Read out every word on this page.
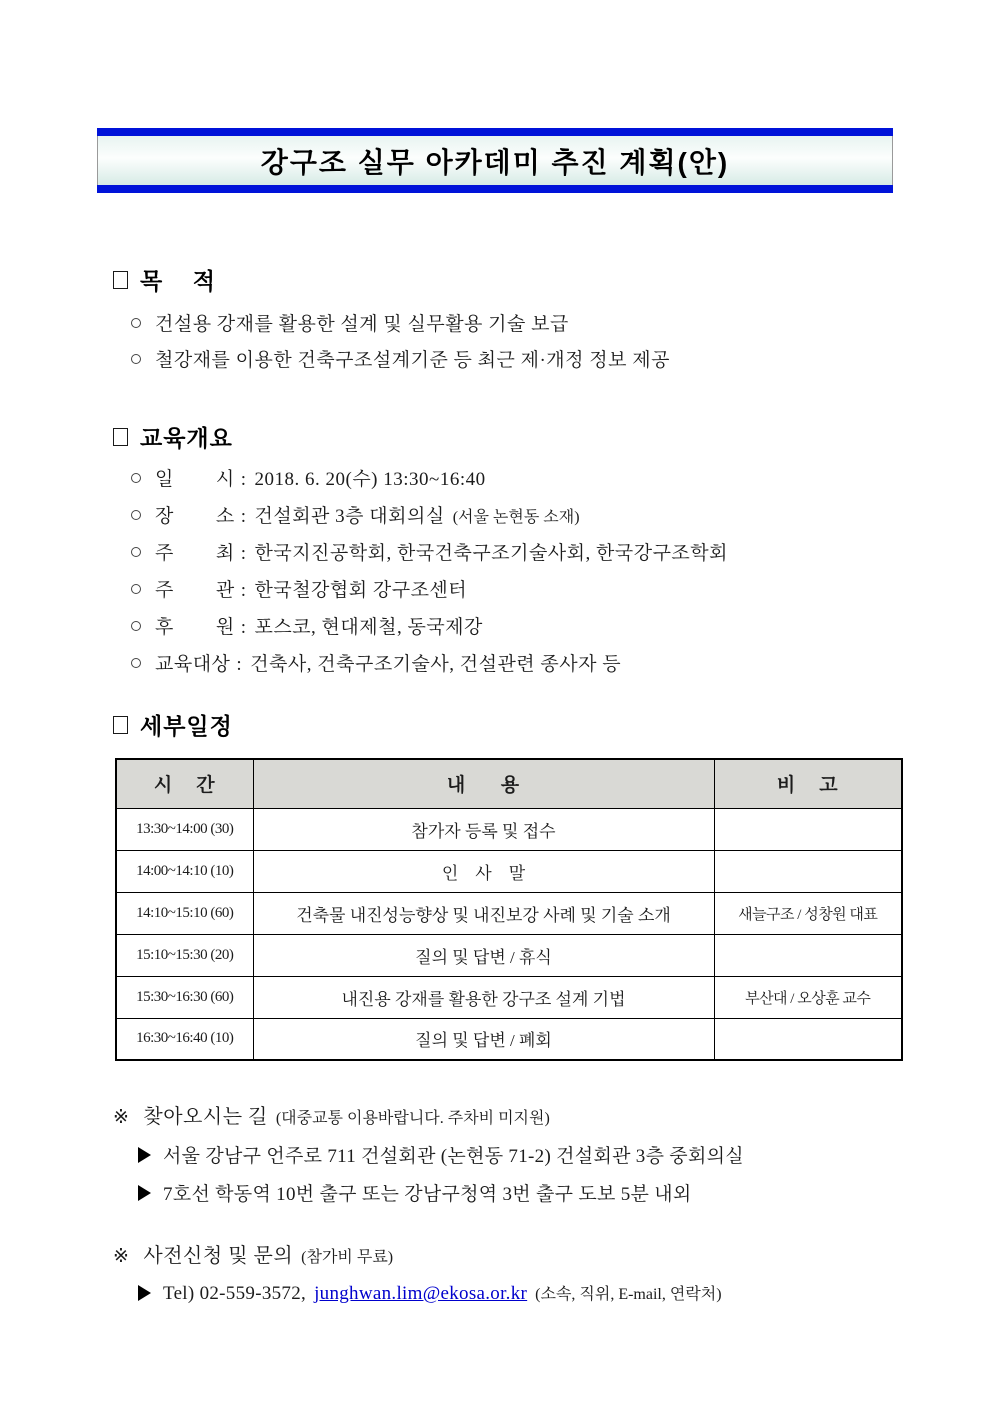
강구조 실무 아카데미 추진 계획(안)
목    적
건설용 강재를 활용한 설계 및 실무활용 기술 보급
철강재를 이용한 건축구조설계기준 등 최근 제·개정 정보 제공
교육개요
일        시 : 2018. 6. 20(수) 13:30~16:40
장        소 : 건설회관 3층 대회의실 (서울 논현동 소재)
주        최 : 한국지진공학회, 한국건축구조기술사회, 한국강구조학회
주        관 : 한국철강협회 강구조센터
후        원 : 포스코, 현대제철, 동국제강
교육대상 : 건축사, 건축구조기술사, 건설관련 종사자 등
세부일정
시    간	내      용	비    고
13:30~14:00 (30)	참가자 등록 및 접수	
14:00~14:10 (10)	인    사    말	
14:10~15:10 (60)	건축물 내진성능향상 및 내진보강 사례 및 기술 소개	새늘구조 / 성창원 대표
15:10~15:30 (20)	질의 및 답변 / 휴식	
15:30~16:30 (60)	내진용 강재를 활용한 강구조 설계 기법	부산대 / 오상훈 교수
16:30~16:40 (10)	질의 및 답변 / 폐회	
※ 찾아오시는 길 (대중교통 이용바랍니다. 주차비 미지원)
서울 강남구 언주로 711 건설회관 (논현동 71-2) 건설회관 3층 중회의실
7호선 학동역 10번 출구 또는 강남구청역 3번 출구 도보 5분 내외
※ 사전신청 및 문의 (참가비 무료)
Tel) 02-559-3572, junghwan.lim@ekosa.or.kr (소속, 직위, E-mail, 연락처)
